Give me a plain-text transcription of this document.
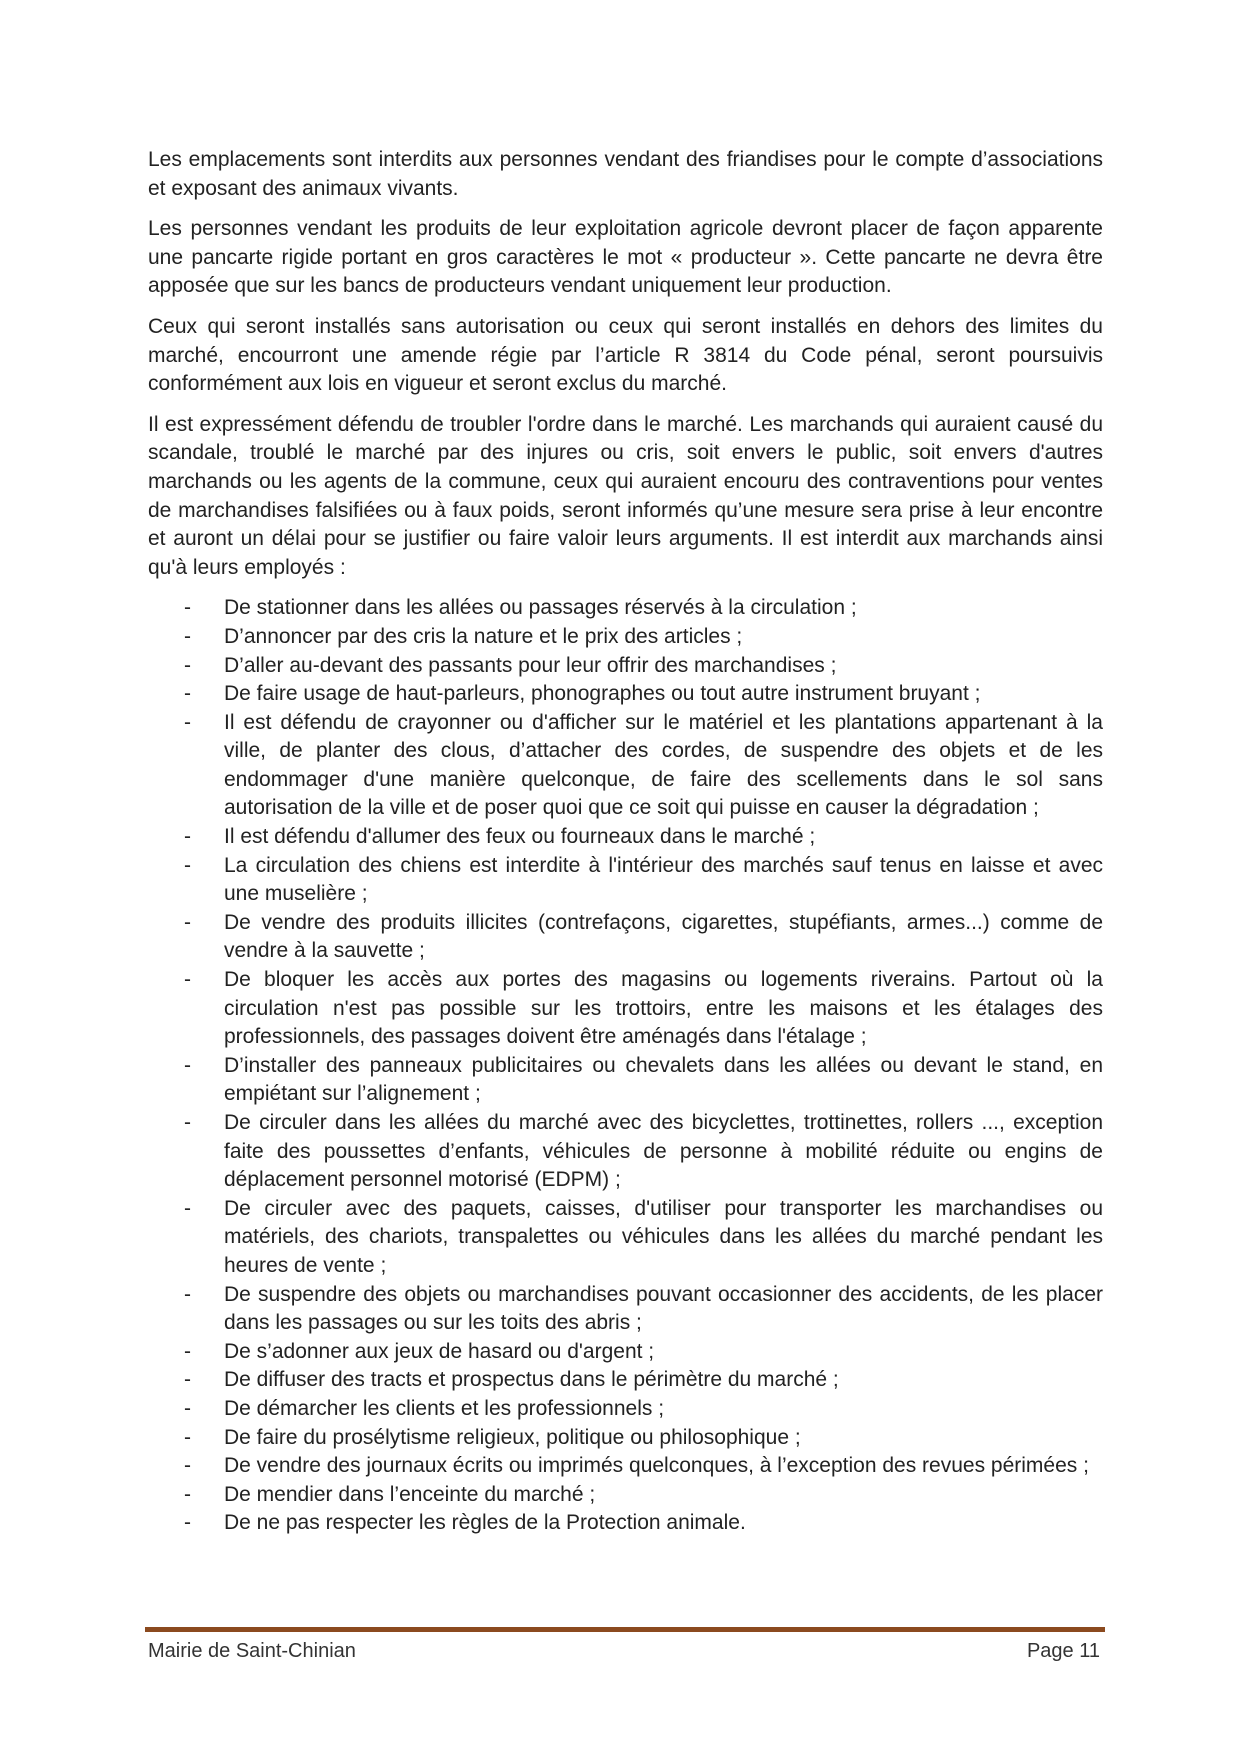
Les emplacements sont interdits aux personnes vendant des friandises pour le compte d’associations et exposant des animaux vivants.

Les personnes vendant les produits de leur exploitation agricole devront placer de façon apparente une pancarte rigide portant en gros caractères le mot « producteur ». Cette pancarte ne devra être apposée que sur les bancs de producteurs vendant uniquement leur production.

Ceux qui seront installés sans autorisation ou ceux qui seront installés en dehors des limites du marché, encourront une amende régie par l’article R 3814 du Code pénal, seront poursuivis conformément aux lois en vigueur et seront exclus du marché.

Il est expressément défendu de troubler l'ordre dans le marché. Les marchands qui auraient causé du scandale, troublé le marché par des injures ou cris, soit envers le public, soit envers d'autres marchands ou les agents de la commune, ceux qui auraient encouru des contraventions pour ventes de marchandises falsifiées ou à faux poids, seront informés qu’une mesure sera prise à leur encontre et auront un délai pour se justifier ou faire valoir leurs arguments. Il est interdit aux marchands ainsi qu'à leurs employés :

- De stationner dans les allées ou passages réservés à la circulation ;
- D’annoncer par des cris la nature et le prix des articles ;
- D’aller au-devant des passants pour leur offrir des marchandises ;
- De faire usage de haut-parleurs, phonographes ou tout autre instrument bruyant ;
- Il est défendu de crayonner ou d'afficher sur le matériel et les plantations appartenant à la ville, de planter des clous, d’attacher des cordes, de suspendre des objets et de les endommager d'une manière quelconque, de faire des scellements dans le sol sans autorisation de la ville et de poser quoi que ce soit qui puisse en causer la dégradation ;
- Il est défendu d'allumer des feux ou fourneaux dans le marché ;
- La circulation des chiens est interdite à l'intérieur des marchés sauf tenus en laisse et avec une muselière ;
- De vendre des produits illicites (contrefaçons, cigarettes, stupéfiants, armes...) comme de vendre à la sauvette ;
- De bloquer les accès aux portes des magasins ou logements riverains. Partout où la circulation n'est pas possible sur les trottoirs, entre les maisons et les étalages des professionnels, des passages doivent être aménagés dans l'étalage ;
- D’installer des panneaux publicitaires ou chevalets dans les allées ou devant le stand, en empiétant sur l’alignement ;
- De circuler dans les allées du marché avec des bicyclettes, trottinettes, rollers ..., exception faite des poussettes d’enfants, véhicules de personne à mobilité réduite ou engins de déplacement personnel motorisé (EDPM) ;
- De circuler avec des paquets, caisses, d'utiliser pour transporter les marchandises ou matériels, des chariots, transpalettes ou véhicules dans les allées du marché pendant les heures de vente ;
- De suspendre des objets ou marchandises pouvant occasionner des accidents, de les placer dans les passages ou sur les toits des abris ;
- De s’adonner aux jeux de hasard ou d'argent ;
- De diffuser des tracts et prospectus dans le périmètre du marché ;
- De démarcher les clients et les professionnels ;
- De faire du prosélytisme religieux, politique ou philosophique ;
- De vendre des journaux écrits ou imprimés quelconques, à l’exception des revues périmées ;
- De mendier dans l’enceinte du marché ;
- De ne pas respecter les règles de la Protection animale.
Mairie de Saint-Chinian	Page 11
